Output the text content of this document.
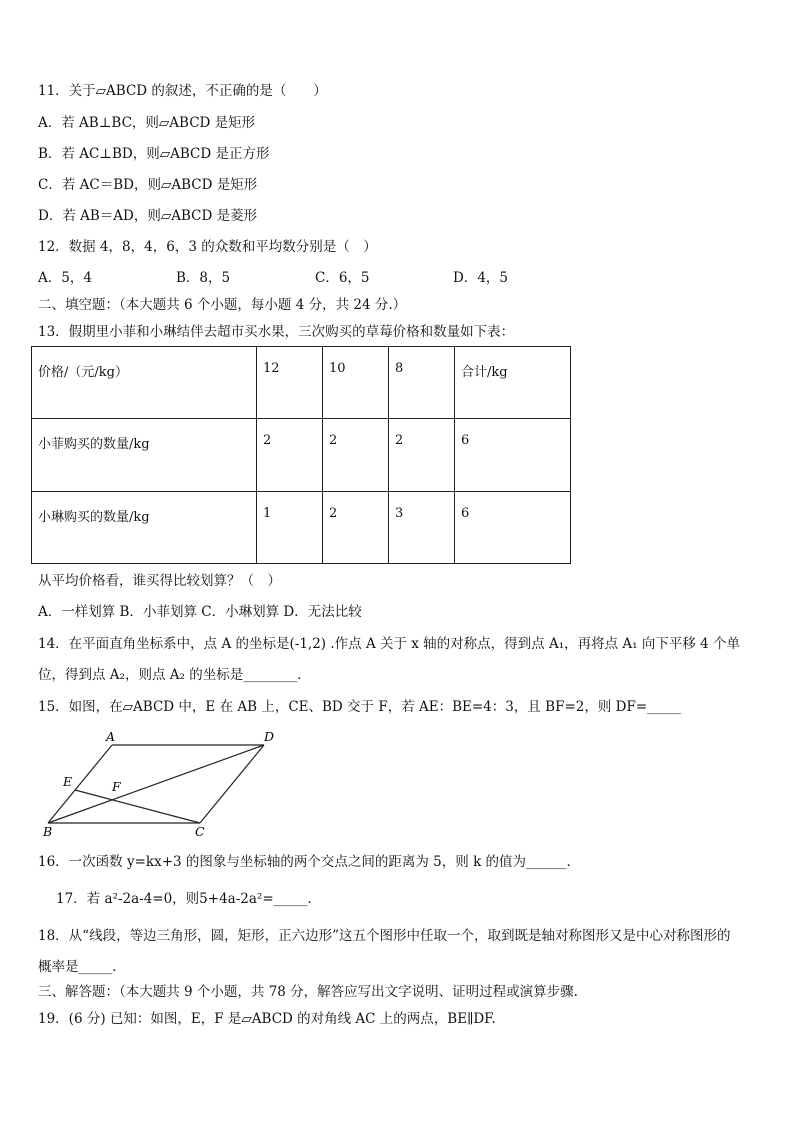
11．关于▱ABCD 的叙述，不正确的是（　　）
A．若 AB⊥BC，则▱ABCD 是矩形
B．若 AC⊥BD，则▱ABCD 是正方形
C．若 AC＝BD，则▱ABCD 是矩形
D．若 AB＝AD，则▱ABCD 是菱形
12．数据 4，8，4，6，3 的众数和平均数分别是（　）
A．5，4	B．8，5	C．6，5	D．4，5
二、填空题：（本大题共 6 个小题，每小题 4 分，共 24 分.）
13．假期里小菲和小琳结伴去超市买水果，三次购买的草莓价格和数量如下表：
价格/（元/kg）	12	10	8	合计/kg
小菲购买的数量/kg	2	2	2	6
小琳购买的数量/kg	1	2	3	6
从平均价格看，谁买得比较划算？（　）
A．一样划算 B．小菲划算 C．小琳划算 D．无法比较
14．在平面直角坐标系中，点 A 的坐标是(-1,2) .作点 A 关于 x 轴的对称点，得到点 A₁，再将点 A₁ 向下平移 4 个单
位，得到点 A₂，则点 A₂ 的坐标是________．
15．如图，在▱ABCD 中，E 在 AB 上，CE、BD 交于 F，若 AE：BE=4：3，且 BF=2，则 DF=_____
A	D
E	F
B	C
16．一次函数 y=kx+3 的图象与坐标轴的两个交点之间的距离为 5，则 k 的值为______．
17．若 a²-2a-4=0，则5+4a-2a²=_____．
18．从“线段，等边三角形，圆，矩形，正六边形”这五个图形中任取一个，取到既是轴对称图形又是中心对称图形的
概率是_____．
三、解答题：（本大题共 9 个小题，共 78 分，解答应写出文字说明、证明过程或演算步骤.
19．(6 分) 已知：如图，E，F 是▱ABCD 的对角线 AC 上的两点，BE∥DF.
